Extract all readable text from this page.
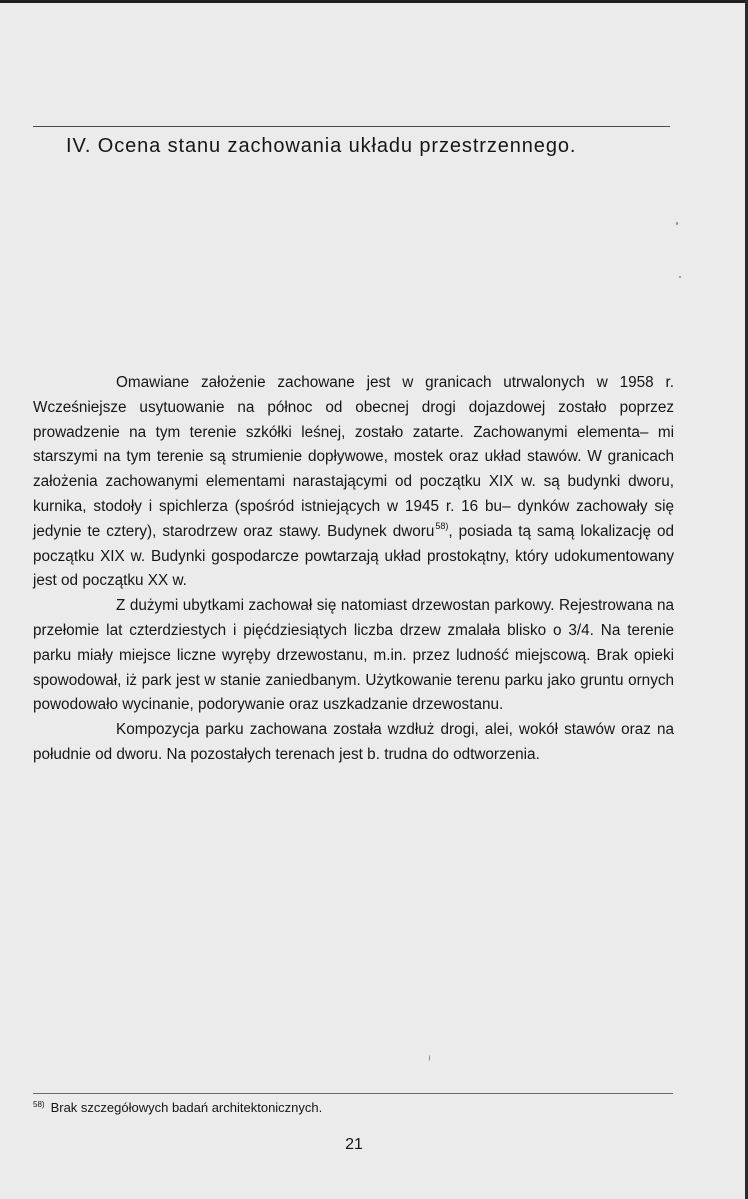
IV. Ocena stanu zachowania układu przestrzennego.

Omawiane założenie zachowane jest w granicach utrwalonych w 1958 r. Wcześniejsze usytuowanie na północ od obecnej drogi dojazdowej zostało poprzez prowadzenie na tym terenie szkółki leśnej, zostało zatarte. Zachowanymi elementa– mi starszymi na tym terenie są strumienie dopływowe, mostek oraz układ stawów. W granicach założenia zachowanymi elementami narastającymi od początku XIX w. są budynki dworu, kurnika, stodoły i spichlerza (spośród istniejących w 1945 r. 16 bu– dynków zachowały się jedynie te cztery), starodrzew oraz stawy. Budynek dworu$^{58)}$, posiada tą samą lokalizację od początku XIX w. Budynki gospodarcze powtarzają układ prostokątny, który udokumentowany jest od początku XX w.

Z dużymi ubytkami zachował się natomiast drzewostan parkowy. Rejestrowana na przełomie lat czterdziestych i pięćdziesiątych liczba drzew zmalała blisko o 3/4. Na terenie parku miały miejsce liczne wyręby drzewostanu, m.in. przez ludność miejscową. Brak opieki spowodował, iż park jest w stanie zaniedbanym. Użytkowanie terenu parku jako gruntu ornych powodowało wycinanie, podorywanie oraz uszkadzanie drzewostanu.

Kompozycja parku zachowana została wzdłuż drogi, alei, wokół stawów oraz na południe od dworu. Na pozostałych terenach jest b. trudna do odtworzenia.

$^{58)}$ Brak szczegółowych badań architektonicznych.
21
